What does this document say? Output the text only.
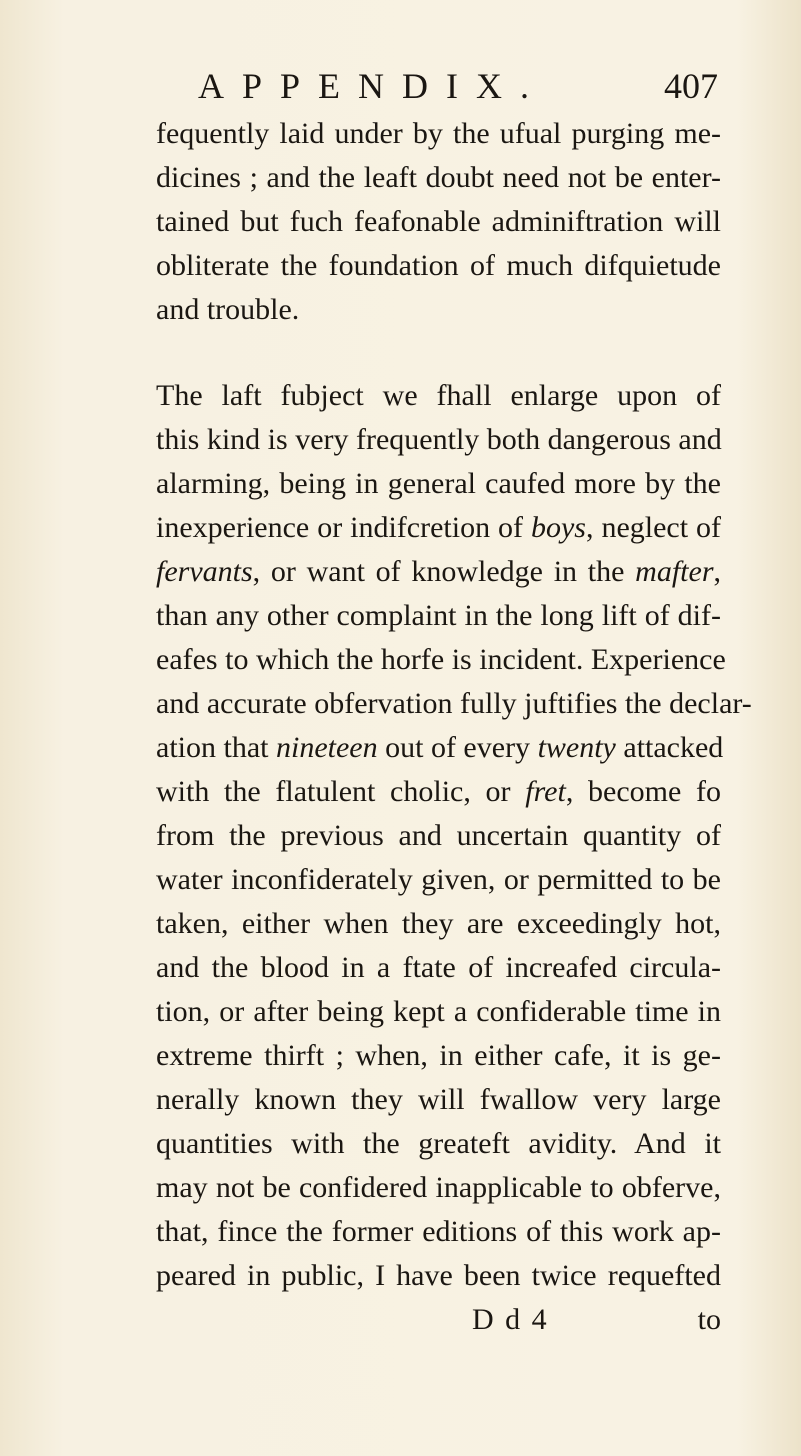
APPENDIX.	407
fequently laid under by the ufual purging me-
dicines ; and the leaft doubt need not be enter-
tained but fuch feafonable adminiftration will
obliterate the foundation of much difquietude
and trouble.
The laft fubject we fhall enlarge upon of
this kind is very frequently both dangerous and
alarming, being in general caufed more by the
inexperience or indifcretion of boys, neglect of
fervants, or want of knowledge in the mafter,
than any other complaint in the long lift of dif-
eafes to which the horfe is incident. Experience
and accurate obfervation fully juftifies the declar-
ation that nineteen out of every twenty attacked
with the flatulent cholic, or fret, become fo
from the previous and uncertain quantity of
water inconfiderately given, or permitted to be
taken, either when they are exceedingly hot,
and the blood in a ftate of increafed circula-
tion, or after being kept a confiderable time in
extreme thirft ; when, in either cafe, it is ge-
nerally known they will fwallow very large
quantities with the greateft avidity. And it
may not be confidered inapplicable to obferve,
that, fince the former editions of this work ap-
peared in public, I have been twice requefted
D d 4	to
